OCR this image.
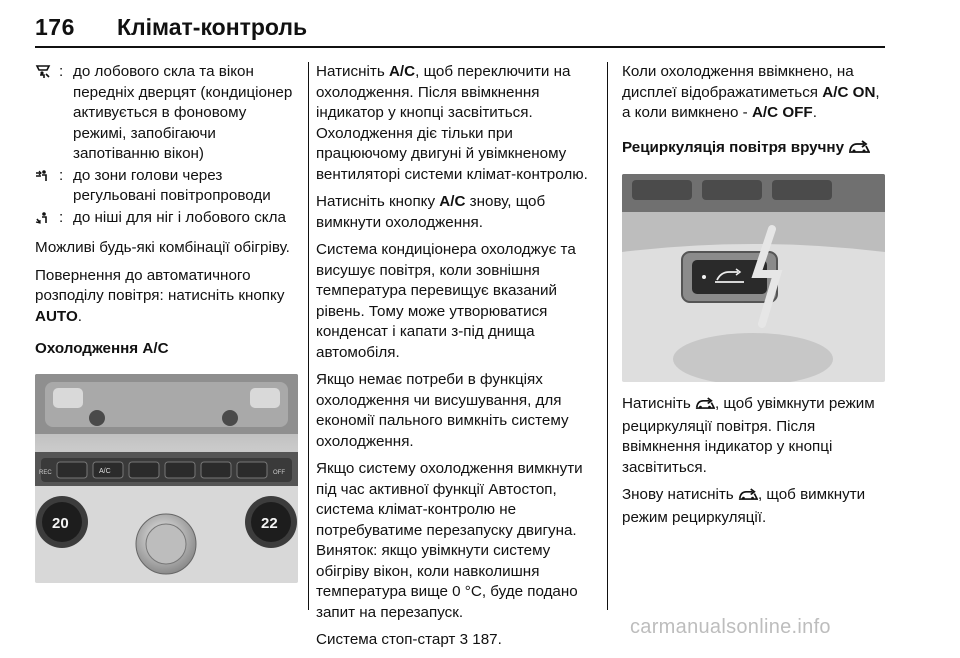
176 Клімат-контроль
: до лобового скла та вікон передніх дверцят (кондиціонер активується в фоновому режимі, запобігаючи запотіванню вікон)
: до зони голови через регульовані повітропроводи
: до ніші для ніг і лобового скла

Можливі будь-які комбінації обігріву.

Повернення до автоматичного розподілу повітря: натисніть кнопку AUTO.

Охолодження A/C
REC	A/C	OFF
20	22

Натисніть A/C, щоб переключити на охолодження. Після ввімкнення індикатор у кнопці засвітиться. Охолодження діє тільки при працюючому двигуні й увімкненому вентиляторі системи клімат-контролю.

Натисніть кнопку A/C знову, щоб вимкнути охолодження.

Система кондиціонера охолоджує та висушує повітря, коли зовнішня температура перевищує вказаний рівень. Тому може утворюватися конденсат і капати з-під днища автомобіля.

Якщо немає потреби в функціях охолодження чи висушування, для економії пального вимкніть систему охолодження.

Якщо систему охолодження вимкнути під час активної функції Автостоп, система клімат-контролю не потребуватиме перезапуску двигуна. Виняток: якщо увімкнути систему обігріву вікон, коли навколишня температура вище 0 °C, буде подано запит на перезапуск.

Система стоп-старт 3 187.

Коли охолодження ввімкнено, на дисплеї відображатиметься A/C ON, а коли вимкнено - A/C OFF.

Рециркуляція повітря вручну

Натисніть , щоб увімкнути режим рециркуляції повітря. Після ввімкнення індикатор у кнопці засвітиться.

Знову натисніть , щоб вимкнути режим рециркуляції.

carmanualsonline.info
